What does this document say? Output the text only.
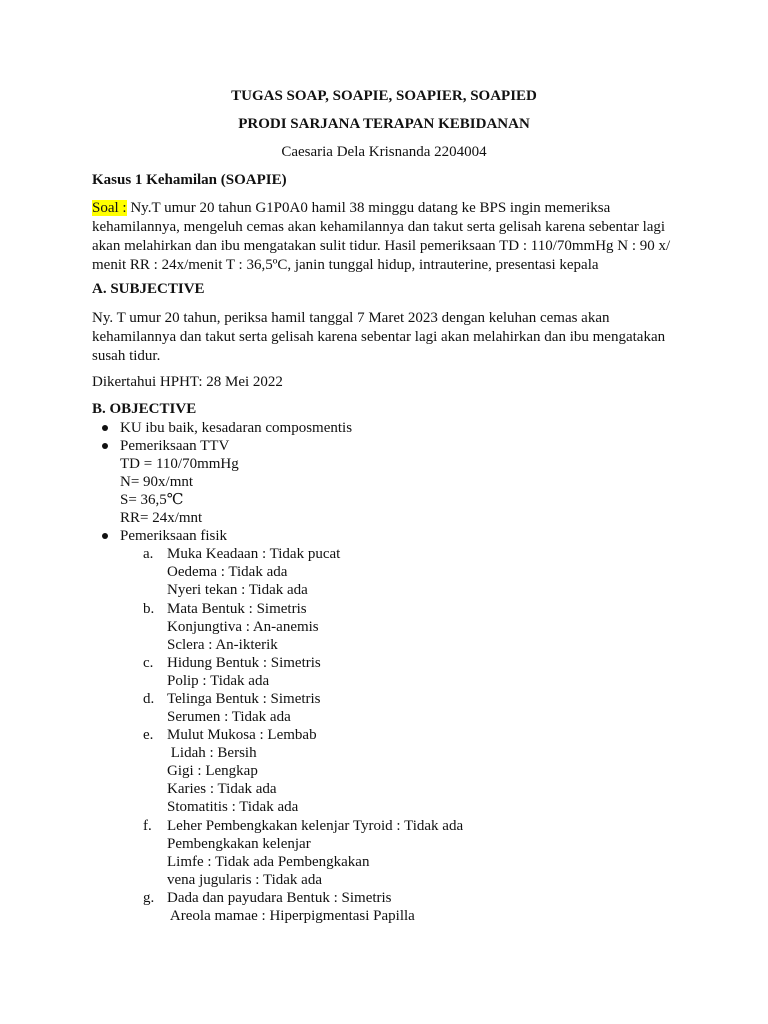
TUGAS SOAP, SOAPIE, SOAPIER, SOAPIED
PRODI SARJANA TERAPAN KEBIDANAN
Caesaria Dela Krisnanda 2204004
Kasus 1 Kehamilan (SOAPIE)
Soal : Ny.T umur 20 tahun G1P0A0 hamil 38 minggu datang ke BPS ingin memeriksa kehamilannya, mengeluh cemas akan kehamilannya dan takut serta gelisah karena sebentar lagi akan melahirkan dan ibu mengatakan sulit tidur. Hasil pemeriksaan TD : 110/70mmHg N : 90 x/ menit RR : 24x/menit T : 36,5ºC, janin tunggal hidup, intrauterine, presentasi kepala
A. SUBJECTIVE
Ny. T umur 20 tahun, periksa hamil tanggal 7 Maret 2023 dengan keluhan cemas akan kehamilannya dan takut serta gelisah karena sebentar lagi akan melahirkan dan ibu mengatakan susah tidur.
Dikertahui HPHT: 28 Mei 2022
B. OBJECTIVE
KU ibu baik, kesadaran composmentis
Pemeriksaan TTV
TD = 110/70mmHg
N= 90x/mnt
S= 36,5℃
RR= 24x/mnt
Pemeriksaan fisik
a. Muka Keadaan : Tidak pucat
Oedema : Tidak ada
Nyeri tekan : Tidak ada
b. Mata Bentuk : Simetris
Konjungtiva : An-anemis
Sclera : An-ikterik
c. Hidung Bentuk : Simetris
Polip : Tidak ada
d. Telinga Bentuk : Simetris
Serumen : Tidak ada
e. Mulut Mukosa : Lembab
Lidah : Bersih
Gigi : Lengkap
Karies : Tidak ada
Stomatitis : Tidak ada
f. Leher Pembengkakan kelenjar Tyroid : Tidak ada
Pembengkakan kelenjar
Limfe : Tidak ada Pembengkakan
vena jugularis : Tidak ada
g. Dada dan payudara Bentuk : Simetris
Areola mamae : Hiperpigmentasi Papilla
